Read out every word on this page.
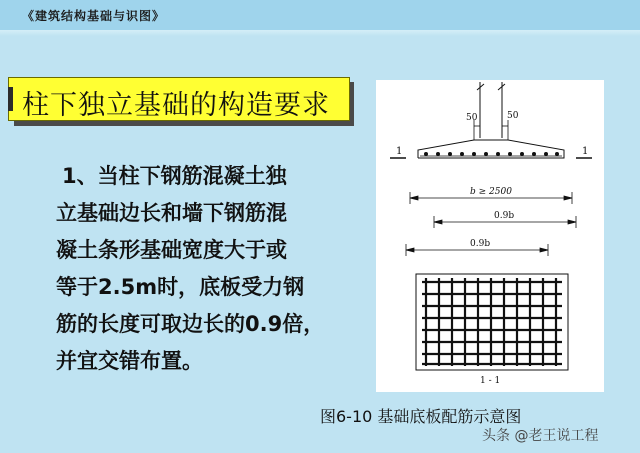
《建筑结构基础与识图》
柱下独立基础的构造要求
1、当柱下钢筋混凝土独
立基础边长和墙下钢筋混
凝土条形基础宽度大于或
等于2.5m时，底板受力钢
筋的长度可取边长的0.9倍，
并宜交错布置。
50	50
1	1
b ≥ 2500
0.9b
0.9b
1 - 1
图6-10 基础底板配筋示意图
头条 @老王说工程
